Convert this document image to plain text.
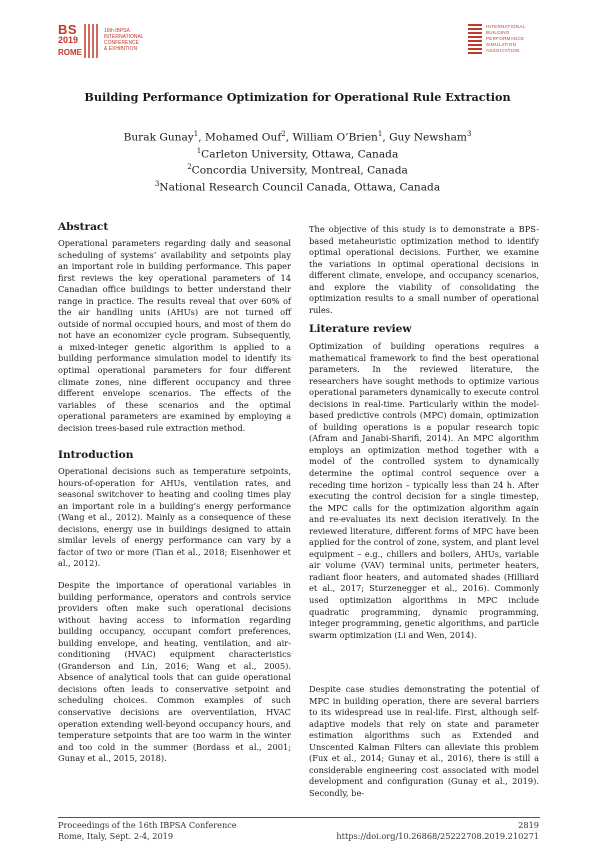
BS
2019
ROME
16th IBPSA
INTERNATIONAL
CONFERENCE
& EXHIBITION
INTERNATIONAL
BUILDING
PERFORMANCE
SIMULATION
ASSOCIATION
Building Performance Optimization for Operational Rule Extraction
Burak Gunay$^1$, Mohamed Ouf$^2$, William O’Brien$^1$, Guy Newsham$^3$
$^1$Carleton University, Ottawa, Canada
$^2$Concordia University, Montreal, Canada
$^3$National Research Council Canada, Ottawa, Canada
Abstract

Operational parameters regarding daily and seasonal scheduling of systems’ availability and setpoints play an important role in building performance. This paper first reviews the key operational parameters of 14 Canadian office buildings to better understand their range in practice. The results reveal that over 60% of the air handling units (AHUs) are not turned off outside of normal occupied hours, and most of them do not have an economizer cycle program. Subsequently, a mixed-integer genetic algorithm is applied to a building performance simulation model to identify its optimal operational parameters for four different climate zones, nine different occupancy and three different envelope scenarios. The effects of the variables of these scenarios and the optimal operational parameters are examined by employing a decision trees-based rule extraction method.

Introduction

Operational decisions such as temperature setpoints, hours-of-operation for AHUs, ventilation rates, and seasonal switchover to heating and cooling times play an important role in a building’s energy performance (Wang et al., 2012). Mainly as a consequence of these decisions, energy use in buildings designed to attain similar levels of energy performance can vary by a factor of two or more (Tian et al., 2018; Eisenhower et al., 2012).

Despite the importance of operational variables in building performance, operators and controls service providers often make such operational decisions without having access to information regarding building occupancy, occupant comfort preferences, building envelope, and heating, ventilation, and air-conditioning (HVAC) equipment characteristics (Granderson and Lin, 2016; Wang et al., 2005). Absence of analytical tools that can guide operational decisions often leads to conservative setpoint and scheduling choices. Common examples of such conservative decisions are overventilation, HVAC operation extending well-beyond occupancy hours, and temperature setpoints that are too warm in the winter and too cold in the summer (Bordass et al., 2001; Gunay et al., 2015, 2018).

The objective of this study is to demonstrate a BPS-based metaheuristic optimization method to identify optimal operational decisions. Further, we examine the variations in optimal operational decisions in different climate, envelope, and occupancy scenarios, and explore the viability of consolidating the optimization results to a small number of operational rules.

Literature review

Optimization of building operations requires a mathematical framework to find the best operational parameters. In the reviewed literature, the researchers have sought methods to optimize various operational parameters dynamically to execute control decisions in real-time. Particularly within the model-based predictive controls (MPC) domain, optimization of building operations is a popular research topic (Afram and Janabi-Sharifi, 2014). An MPC algorithm employs an optimization method together with a model of the controlled system to dynamically determine the optimal control sequence over a receding time horizon – typically less than 24 h. After executing the control decision for a single timestep, the MPC calls for the optimization algorithm again and re-evaluates its next decision iteratively. In the reviewed literature, different forms of MPC have been applied for the control of zone, system, and plant level equipment – e.g., chillers and boilers, AHUs, variable air volume (VAV) terminal units, perimeter heaters, radiant floor heaters, and automated shades (Hilliard et al., 2017; Sturzenegger et al., 2016). Commonly used optimization algorithms in MPC include quadratic programming, dynamic programming, integer programming, genetic algorithms, and particle swarm optimization (Li and Wen, 2014).

Despite case studies demonstrating the potential of MPC in building operation, there are several barriers to its widespread use in real-life. First, although self-adaptive models that rely on state and parameter estimation algorithms such as Extended and Unscented Kalman Filters can alleviate this problem (Fux et al., 2014; Gunay et al., 2016), there is still a considerable engineering cost associated with model development and configuration (Gunay et al., 2019). Secondly, be-

Proceedings of the 16th IBPSA Conference
Rome, Italy, Sept. 2-4, 2019
2819
https://doi.org/10.26868/25222708.2019.210271
